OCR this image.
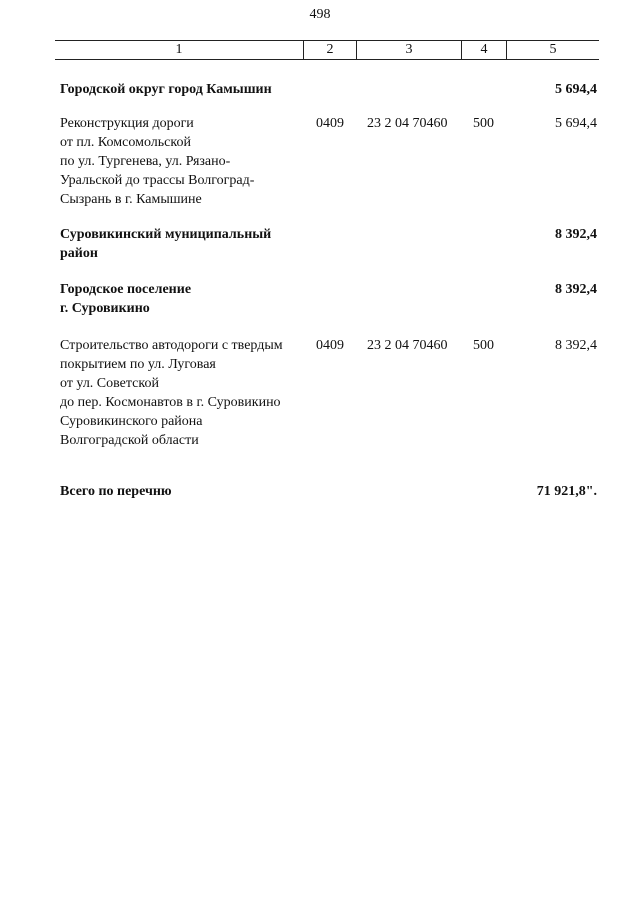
498
1	2	3	4	5
Городской округ город Камышин	5 694,4
Реконструкция дороги
от пл. Комсомольской
по ул. Тургенева, ул. Рязано-
Уральской до трассы Волгоград-
Сызрань в г. Камышине
0409	23 2 04 70460	500	5 694,4
Суровикинский муниципальный
район
8 392,4
Городское поселение
г. Суровикино
8 392,4
Строительство автодороги с твердым
покрытием по ул. Луговая
от ул. Советской
до пер. Космонавтов в г. Суровикино
Суровикинского района
Волгоградской области
0409	23 2 04 70460	500	8 392,4
Всего по перечню	71 921,8".
